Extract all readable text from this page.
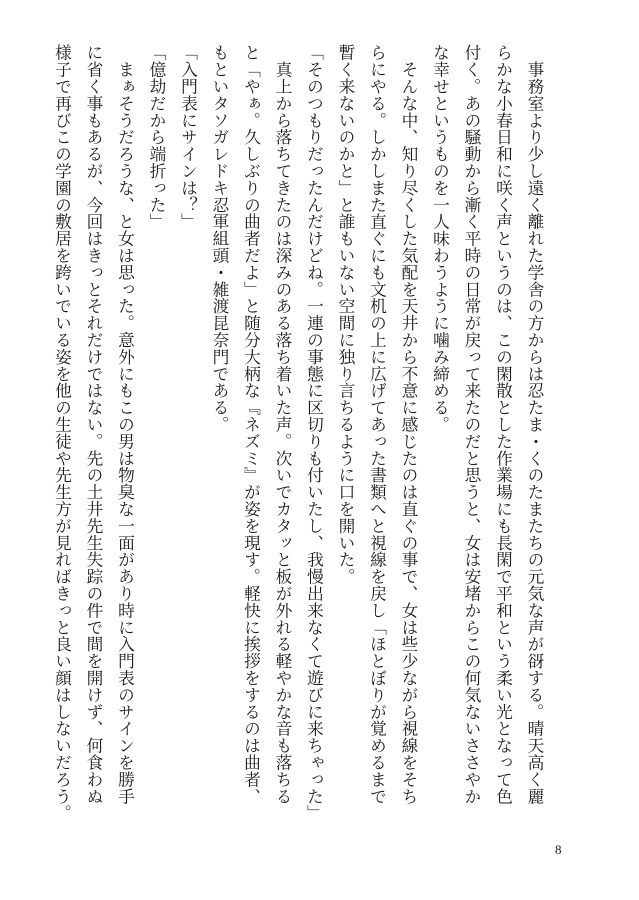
　事務室より少し遠く離れた学舎の方からは忍たま・くのたまたちの元気な声が谺する。晴天高く麗
らかな小春日和に咲く声というのは、この閑散とした作業場にも長閑で平和という柔い光となって色
付く。あの騒動から漸く平時の日常が戻って来たのだと思うと、女は安堵からこの何気ないささやか
な幸せというものを一人味わうように噛み締める。
　そんな中、知り尽くした気配を天井から不意に感じたのは直ぐの事で、女は些少ながら視線をそち
らにやる。しかしまた直ぐにも文机の上に広げてあった書類へと視線を戻し「ほとぼりが覚めるまで
暫く来ないのかと」と誰もいない空間に独り言ちるように口を開いた。
「そのつもりだったんだけどね。一連の事態に区切りも付いたし、我慢出来なくて遊びに来ちゃった」
　真上から落ちてきたのは深みのある落ち着いた声。次いでカタッと板が外れる軽やかな音も落ちる
と「やぁ。久しぶりの曲者だよ」と随分大柄な『ネズミ』が姿を現す。軽快に挨拶をするのは曲者、
もといタソガレドキ忍軍組頭・雑渡昆奈門である。
「入門表にサインは？」
「億劫だから端折った」
　まぁそうだろうな、と女は思った。意外にもこの男は物臭な一面があり時に入門表のサインを勝手
に省く事もあるが、今回はきっとそれだけではない。先の土井先生失踪の件で間を開けず、何食わぬ
様子で再びこの学園の敷居を跨いでいる姿を他の生徒や先生方が見ればきっと良い顔はしないだろう。
8
